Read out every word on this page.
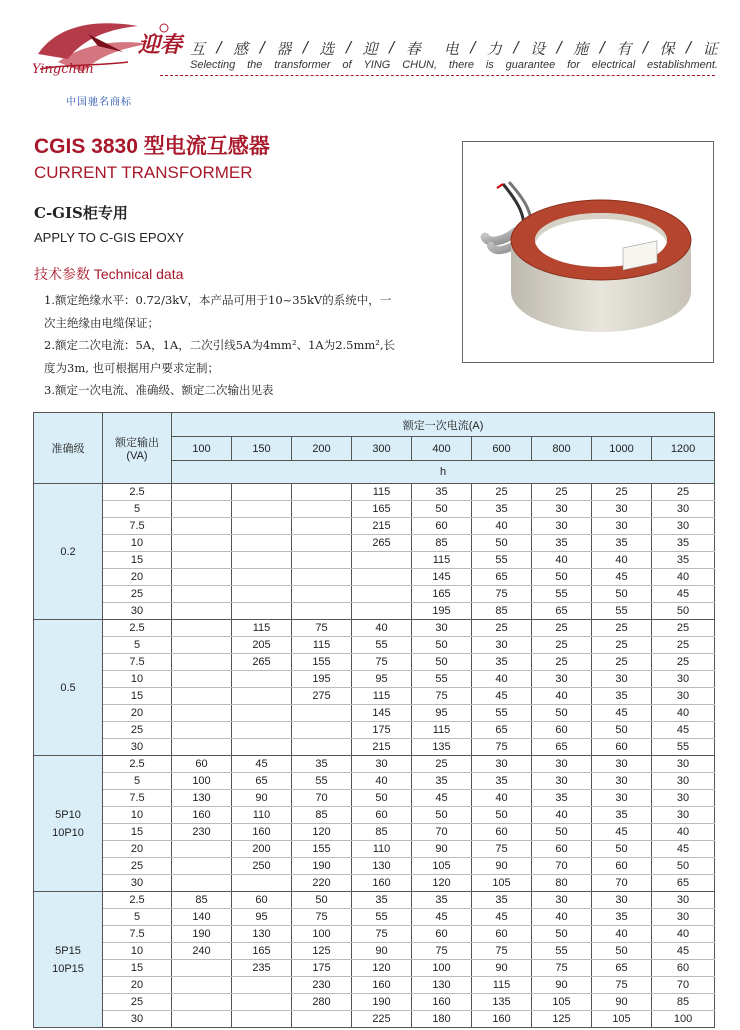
迎春
Yingchun
中国驰名商标
互 / 感 / 器 / 选 / 迎 / 春 电 / 力 / 设 / 施 / 有 / 保 / 证
Selecting the transformer of YING CHUN, there is guarantee for electrical establishment.
CGIS 3830 型电流互感器
CURRENT TRANSFORMER
C-GIS柜专用
APPLY TO C-GIS EPOXY
技术参数 Technical data

1.额定绝缘水平：0.72/3kV，本产品可用于10~35kV的系统中，一

次主绝缘由电缆保证；

2.额定二次电流：5A，1A，二次引线5A为4mm²、1A为2.5mm²,长

度为3m, 也可根据用户要求定制；

3.额定一次电流、准确级、额定二次输出见表

准确级	额定输出
(VA)	额定一次电流(A)								
		100	150	200	300	400	600	800	1000	1200
		h								

0.2	2.5				115	35	25	25	25	25
	5				165	50	35	30	30	30
	7.5				215	60	40	30	30	30
	10				265	85	50	35	35	35
	15					115	55	40	40	35
	20					145	65	50	45	40
	25					165	75	55	50	45
	30					195	85	65	55	50

0.5	2.5		115	75	40	30	25	25	25	25
	5		205	115	55	50	30	25	25	25
	7.5		265	155	75	50	35	25	25	25
	10			195	95	55	40	30	30	30
	15			275	115	75	45	40	35	30
	20				145	95	55	50	45	40
	25				175	115	65	60	50	45
	30				215	135	75	65	60	55

5P10
10P10	2.5	60	45	35	30	25	30	30	30	30
	5	100	65	55	40	35	35	30	30	30
	7.5	130	90	70	50	45	40	35	30	30
	10	160	110	85	60	50	50	40	35	30
	15	230	160	120	85	70	60	50	45	40
	20		200	155	110	90	75	60	50	45
	25		250	190	130	105	90	70	60	50
	30			220	160	120	105	80	70	65

5P15
10P15	2.5	85	60	50	35	35	35	30	30	30
	5	140	95	75	55	45	45	40	35	30
	7.5	190	130	100	75	60	60	50	40	40
	10	240	165	125	90	75	75	55	50	45
	15		235	175	120	100	90	75	65	60
	20			230	160	130	115	90	75	70
	25			280	190	160	135	105	90	85
	30				225	180	160	125	105	100
